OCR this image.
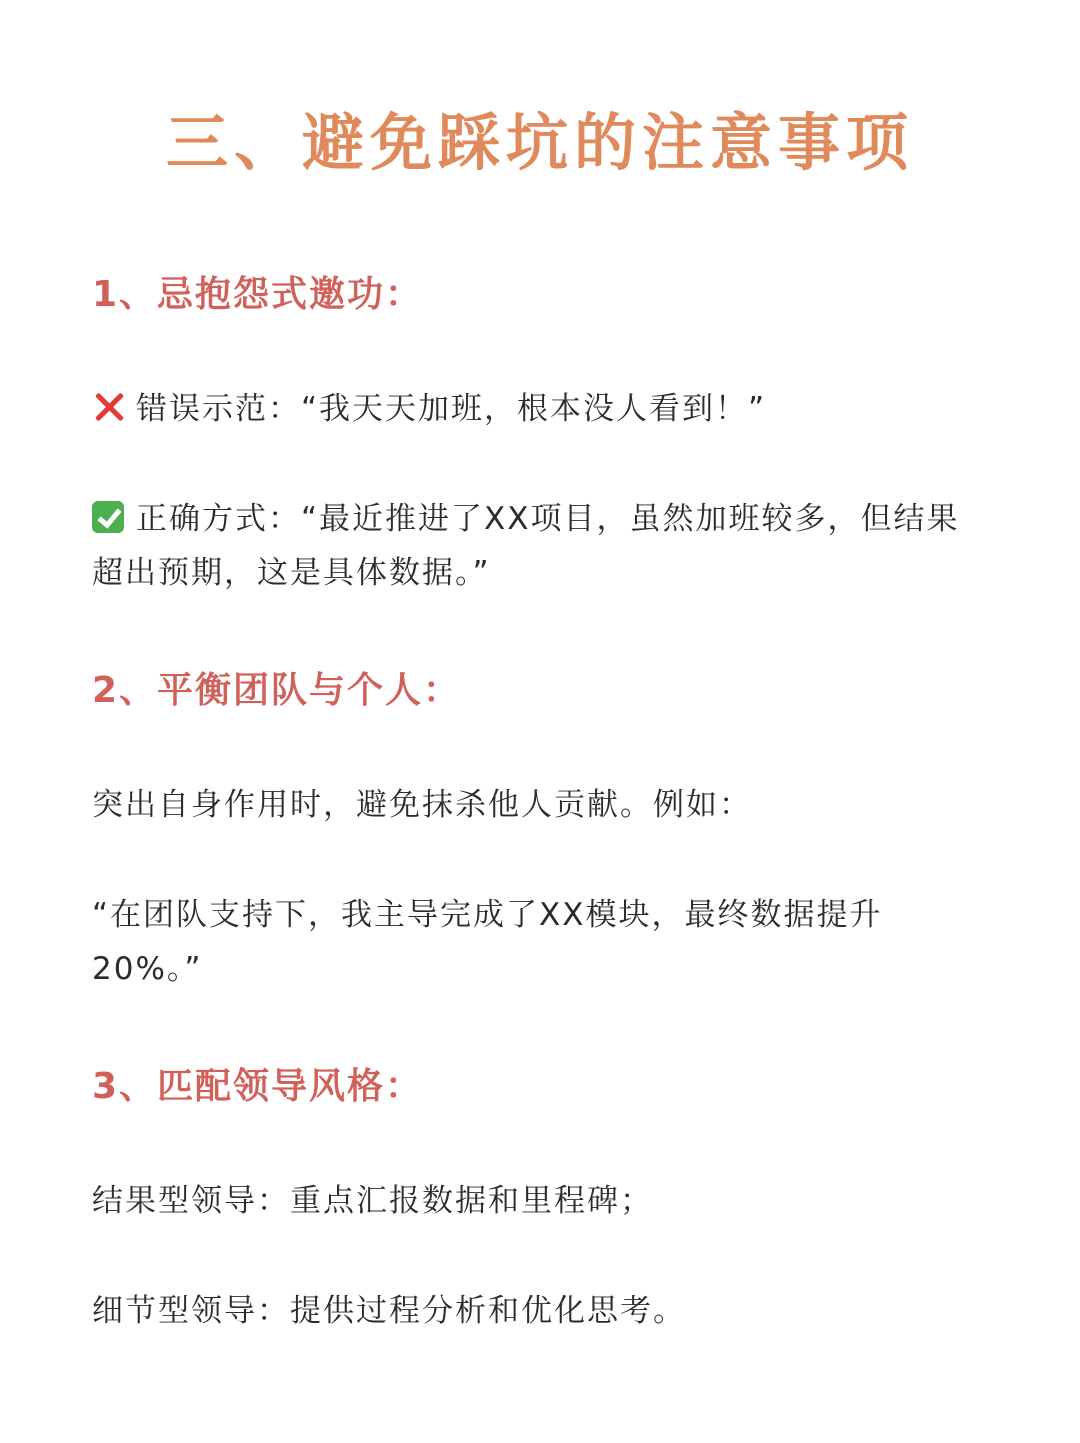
三、避免踩坑的注意事项
1、忌抱怨式邀功：
错误示范：“我天天加班，根本没人看到！”
正确方式：“最近推进了XX项目，虽然加班较多，但结果超出预期，这是具体数据。”
2、平衡团队与个人：
突出自身作用时，避免抹杀他人贡献。例如：
“在团队支持下，我主导完成了XX模块，最终数据提升20%。”
3、匹配领导风格：
结果型领导：重点汇报数据和里程碑；
细节型领导：提供过程分析和优化思考。
